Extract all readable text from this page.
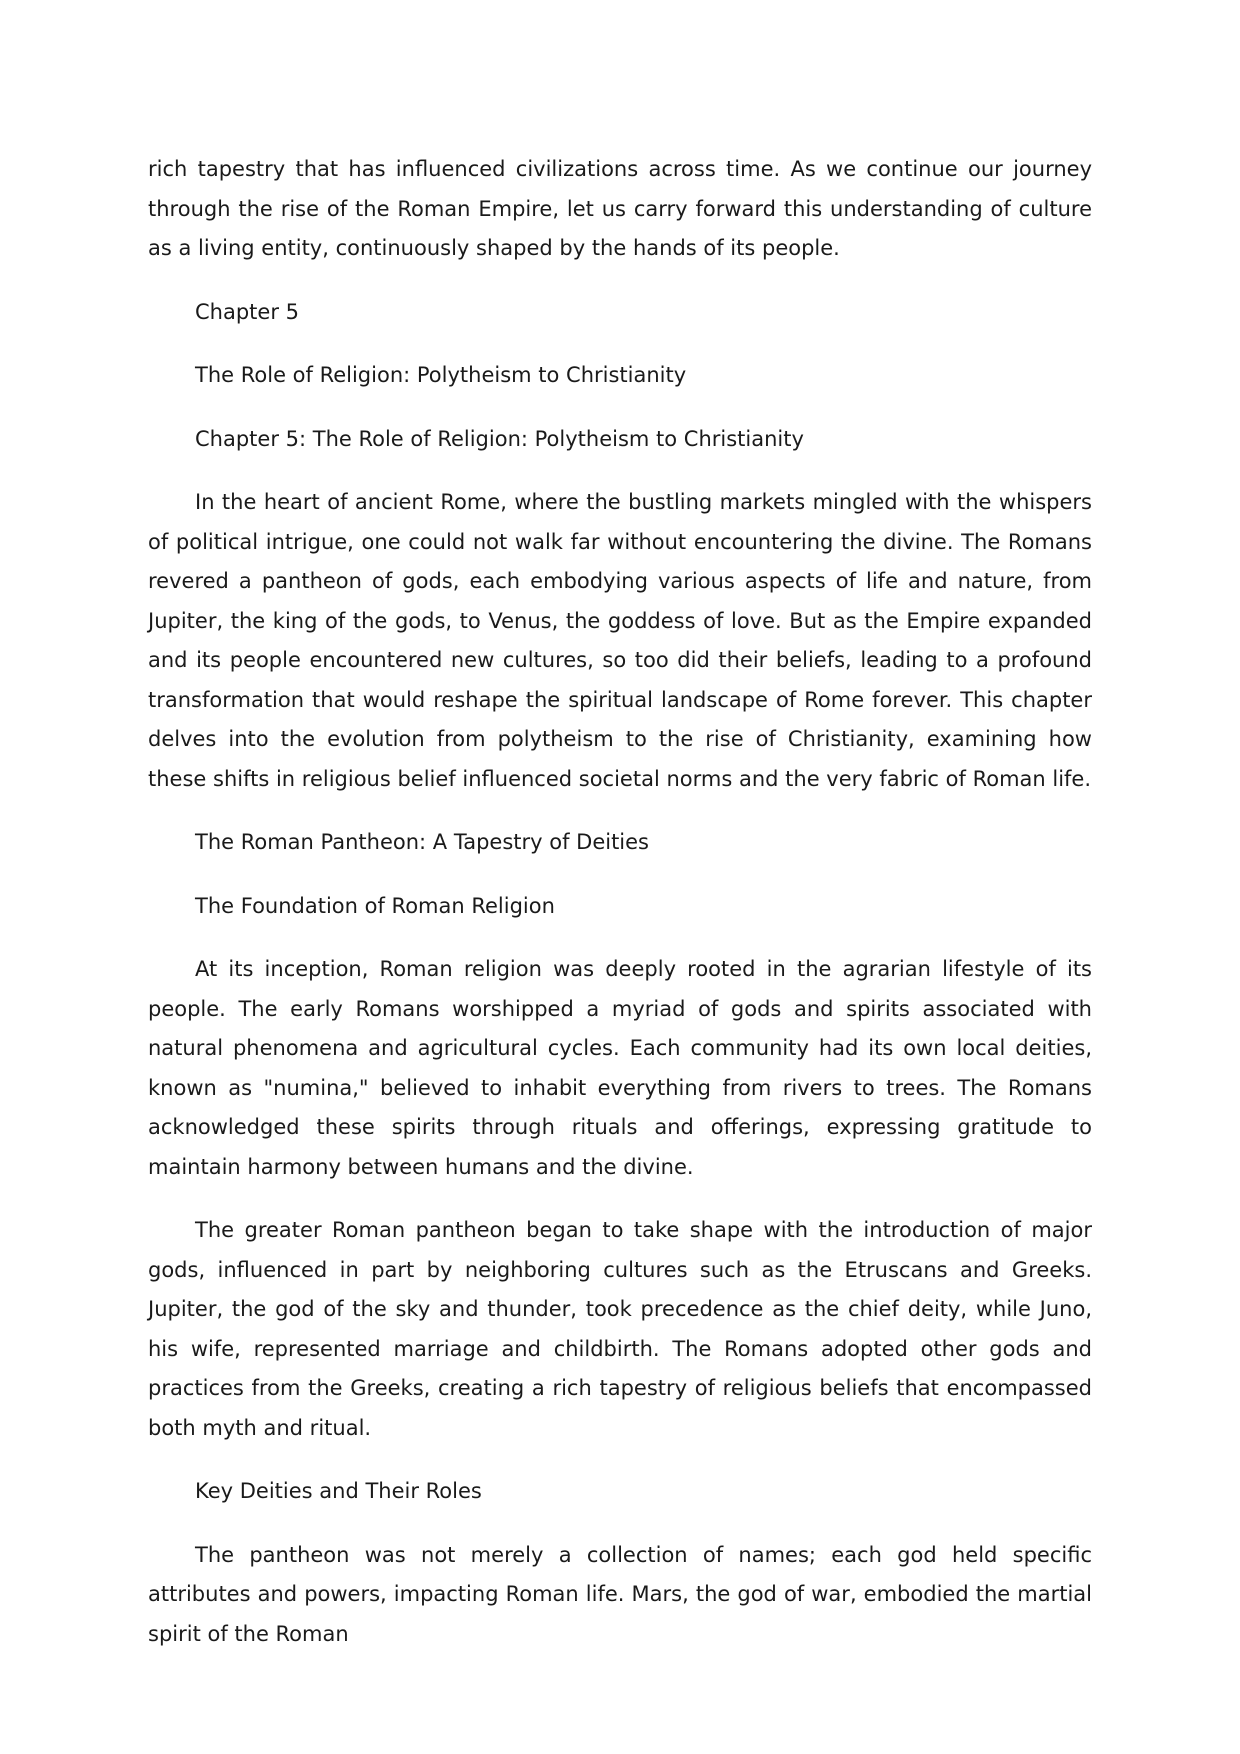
rich tapestry that has influenced civilizations across time. As we continue our journey through the rise of the Roman Empire, let us carry forward this understanding of culture as a living entity, continuously shaped by the hands of its people.

Chapter 5

The Role of Religion: Polytheism to Christianity

Chapter 5: The Role of Religion: Polytheism to Christianity

In the heart of ancient Rome, where the bustling markets mingled with the whispers of political intrigue, one could not walk far without encountering the divine. The Romans revered a pantheon of gods, each embodying various aspects of life and nature, from Jupiter, the king of the gods, to Venus, the goddess of love. But as the Empire expanded and its people encountered new cultures, so too did their beliefs, leading to a profound transformation that would reshape the spiritual landscape of Rome forever. This chapter delves into the evolution from polytheism to the rise of Christianity, examining how these shifts in religious belief influenced societal norms and the very fabric of Roman life.

The Roman Pantheon: A Tapestry of Deities

The Foundation of Roman Religion

At its inception, Roman religion was deeply rooted in the agrarian lifestyle of its people. The early Romans worshipped a myriad of gods and spirits associated with natural phenomena and agricultural cycles. Each community had its own local deities, known as "numina," believed to inhabit everything from rivers to trees. The Romans acknowledged these spirits through rituals and offerings, expressing gratitude to maintain harmony between humans and the divine.

The greater Roman pantheon began to take shape with the introduction of major gods, influenced in part by neighboring cultures such as the Etruscans and Greeks. Jupiter, the god of the sky and thunder, took precedence as the chief deity, while Juno, his wife, represented marriage and childbirth. The Romans adopted other gods and practices from the Greeks, creating a rich tapestry of religious beliefs that encompassed both myth and ritual.

Key Deities and Their Roles

The pantheon was not merely a collection of names; each god held specific attributes and powers, impacting Roman life. Mars, the god of war, embodied the martial spirit of the Roman
